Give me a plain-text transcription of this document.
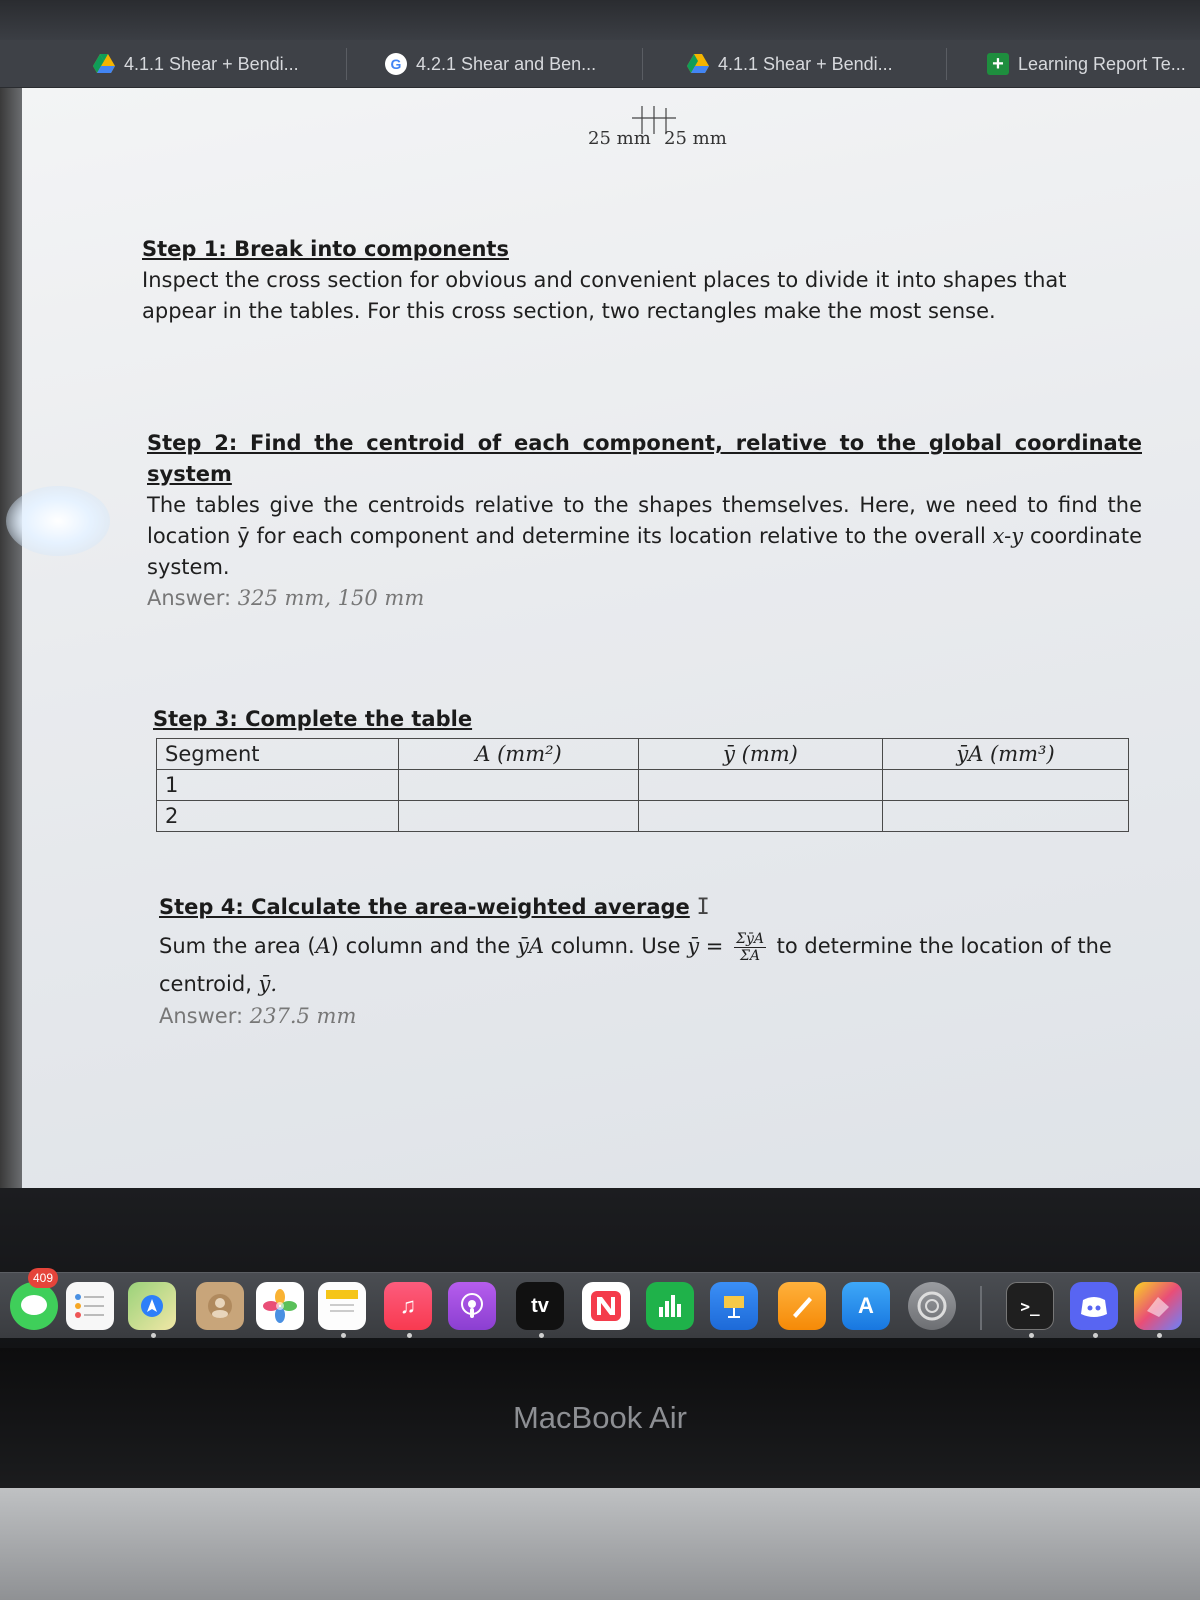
4.1.1 Shear + Bendi...	G 4.2.1 Shear and Ben...	4.1.1 Shear + Bendi...	+ Learning Report Te...
25 mm 25 mm
Step 1: Break into components

Inspect the cross section for obvious and convenient places to divide it into shapes that appear in the tables. For this cross section, two rectangles make the most sense.

Step 2: Find the centroid of each component, relative to the global coordinate system

The tables give the centroids relative to the shapes themselves. Here, we need to find the location ȳ for each component and determine its location relative to the overall x-y coordinate system.

Answer: 325 mm, 150 mm

Step 3: Complete the table
Segment	A (mm²)	ȳ (mm)	ȳA (mm³)
1			
2			
Step 4: Calculate the area-weighted average I

Sum the area (A) column and the ȳA column. Use ȳ = $\frac{\text{ΣȳA}}{\Sigma A}$ to determine the location of the centroid, ȳ.

Answer: 237.5 mm

409
♫	tv	A	>_
MacBook Air
